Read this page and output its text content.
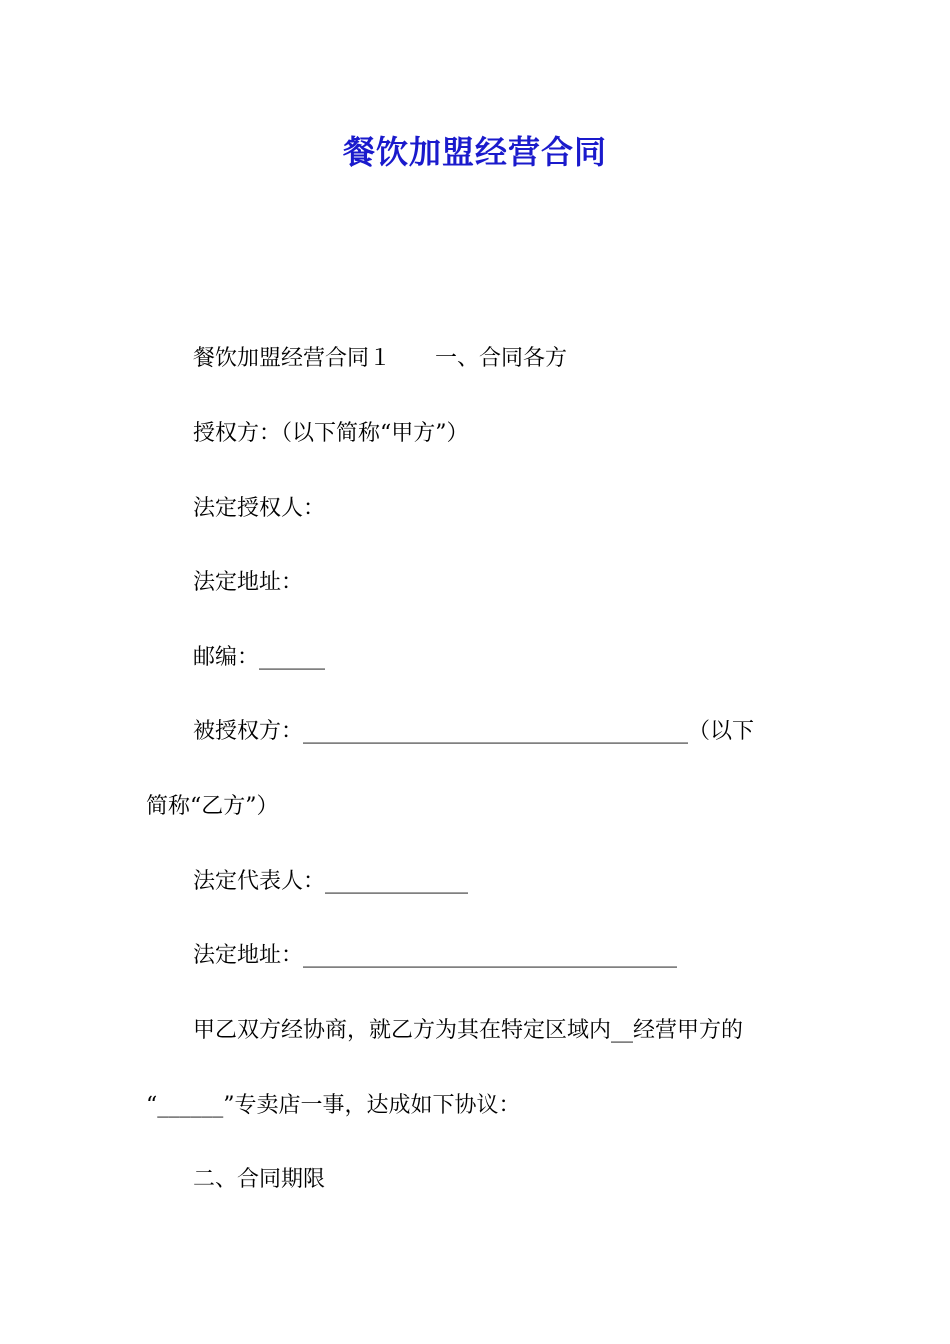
餐饮加盟经营合同
餐饮加盟经营合同１　　一、合同各方
授权方：（以下简称“甲方”）
法定授权人：
法定地址：
邮编：______
被授权方：___________________________________（以下
简称“乙方”）
法定代表人：_____________
法定地址：__________________________________
甲乙双方经协商，就乙方为其在特定区域内__经营甲方的
“______”专卖店一事，达成如下协议：
二、合同期限
